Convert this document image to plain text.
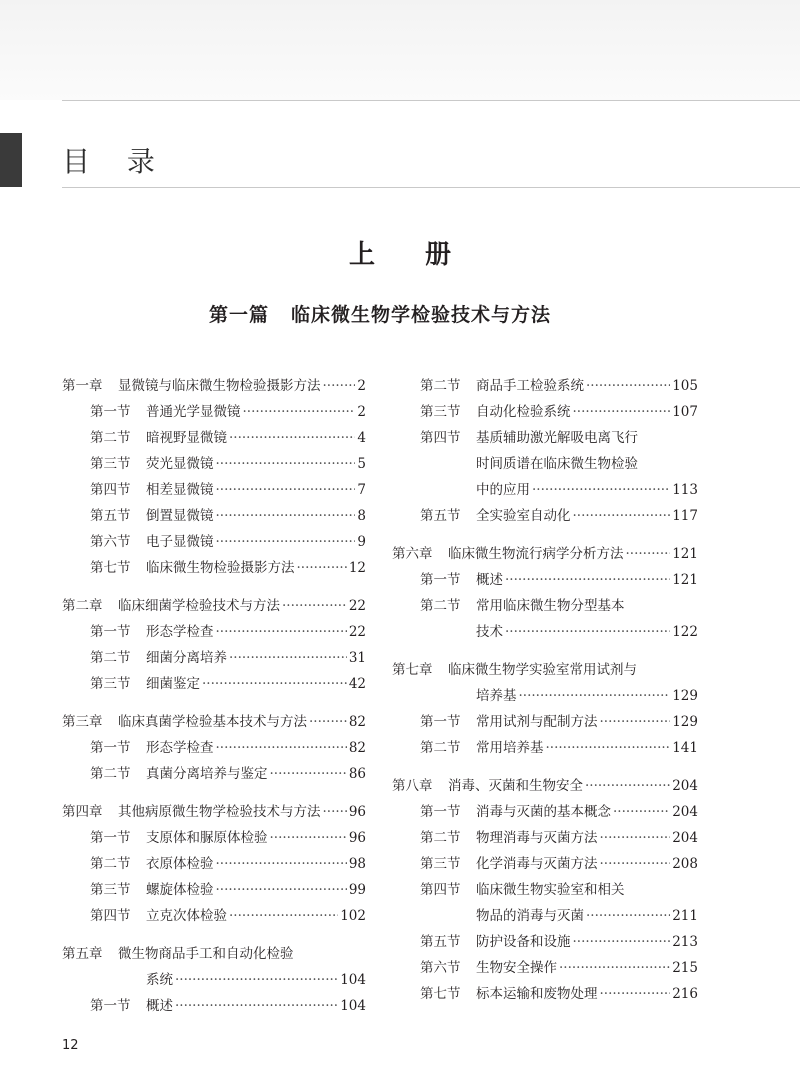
目 录
上册
第一篇 临床微生物学检验技术与方法
第一章	显微镜与临床微生物检验摄影方法 ·····	2
第一节	普通光学显微镜 ·····	2
第二节	暗视野显微镜 ·····	4
第三节	荧光显微镜 ·····	5
第四节	相差显微镜 ·····	7
第五节	倒置显微镜 ·····	8
第六节	电子显微镜 ·····	9
第七节	临床微生物检验摄影方法 ·····	12
第二章	临床细菌学检验技术与方法 ·····	22
第一节	形态学检查 ·····	22
第二节	细菌分离培养 ·····	31
第三节	细菌鉴定 ·····	42
第三章	临床真菌学检验基本技术与方法 ·····	82
第一节	形态学检查 ·····	82
第二节	真菌分离培养与鉴定 ·····	86
第四章	其他病原微生物学检验技术与方法 ····· 96
第一节	支原体和脲原体检验 ·····	96
第二节	衣原体检验 ·····	98
第三节	螺旋体检验 ·····	99
第四节	立克次体检验 ·····	102
第五章	微生物商品手工和自动化检验
系统 ·····	104
第一节	概述 ·····	104
第二节	商品手工检验系统 ·····	105
第三节	自动化检验系统 ·····	107
第四节	基质辅助激光解吸电离飞行
时间质谱在临床微生物检验
中的应用 ·····	113
第五节	全实验室自动化 ·····	117
第六章	临床微生物流行病学分析方法 ·····	121
第一节	概述 ·····	121
第二节	常用临床微生物分型基本
技术 ·····	122
第七章	临床微生物学实验室常用试剂与
培养基 ·····	129
第一节	常用试剂与配制方法 ·····	129
第二节	常用培养基 ·····	141
第八章	消毒、灭菌和生物安全 ·····	204
第一节	消毒与灭菌的基本概念 ·····	204
第二节	物理消毒与灭菌方法 ·····	204
第三节	化学消毒与灭菌方法 ·····	208
第四节	临床微生物实验室和相关
物品的消毒与灭菌 ·····	211
第五节	防护设备和设施 ·····	213
第六节	生物安全操作 ·····	215
第七节	标本运输和废物处理 ·····	216
12
